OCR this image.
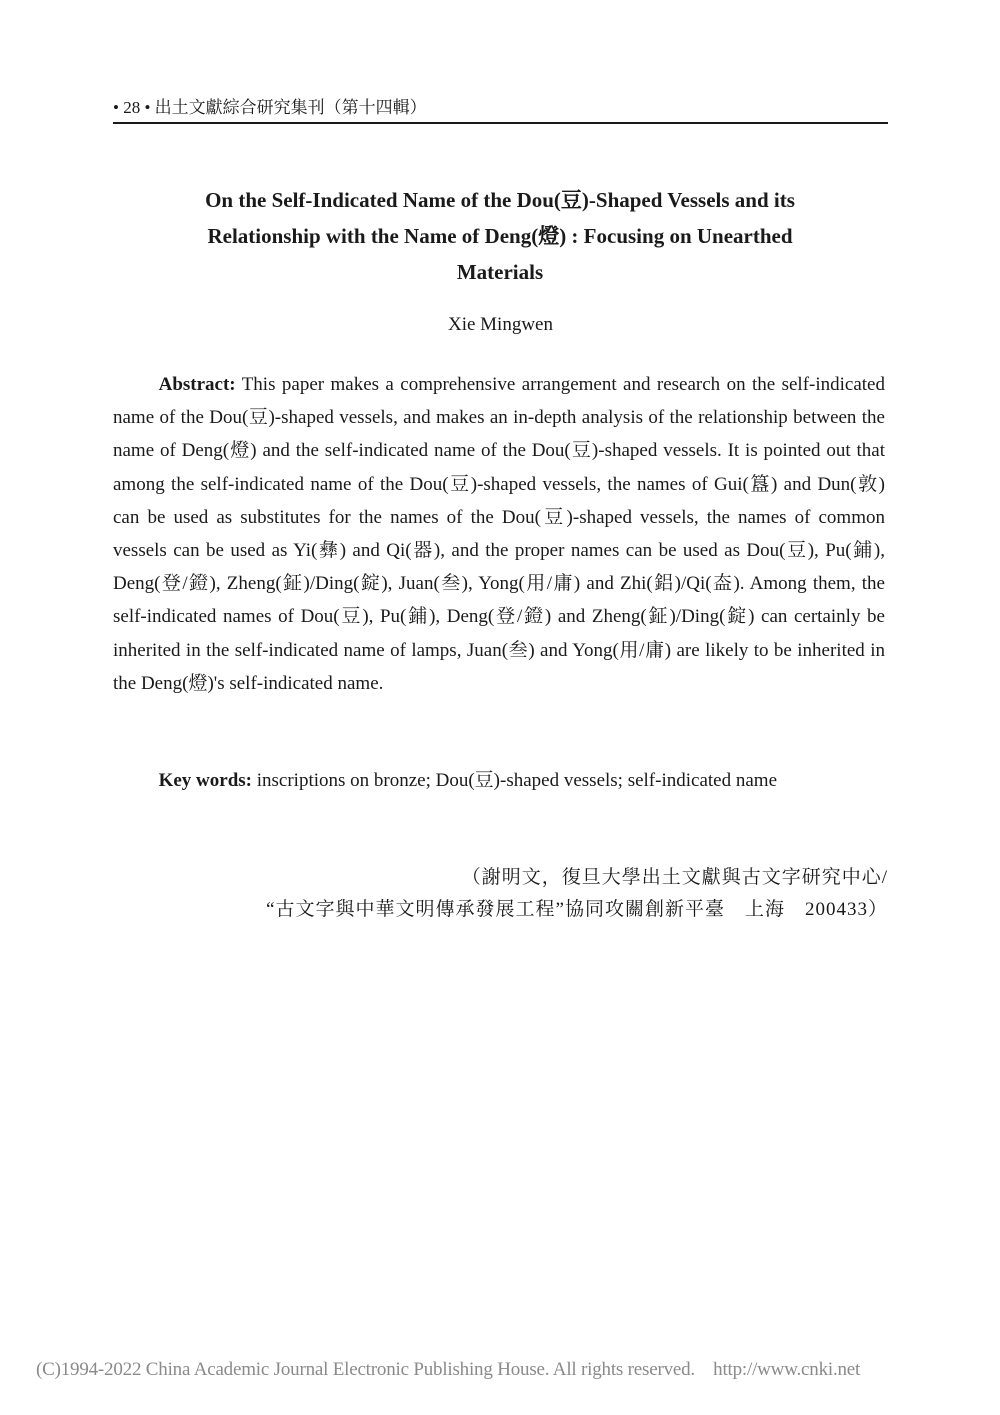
• 28 • 出土文獻綜合研究集刊（第十四輯）
On the Self-Indicated Name of the Dou(豆)-Shaped Vessels and its
Relationship with the Name of Deng(燈) : Focusing on Unearthed
Materials
Xie Mingwen

Abstract: This paper makes a comprehensive arrangement and research on the self-indicated name of the Dou(豆)-shaped vessels, and makes an in-depth analysis of the relationship between the name of Deng(燈) and the self-indicated name of the Dou(豆)-shaped vessels. It is pointed out that among the self-indicated name of the Dou(豆)-shaped vessels, the names of Gui(簋) and Dun(敦) can be used as substitutes for the names of the Dou(豆)-shaped vessels, the names of common vessels can be used as Yi(彝) and Qi(器), and the proper names can be used as Dou(豆), Pu(鋪), Deng(登/鐙), Zheng(鉦)/Ding(錠), Juan(叁), Yong(用/庸) and Zhi(鋁)/Qi(盇). Among them, the self-indicated names of Dou(豆), Pu(鋪), Deng(登/鐙) and Zheng(鉦)/Ding(錠) can certainly be inherited in the self-indicated name of lamps, Juan(叁) and Yong(用/庸) are likely to be inherited in the Deng(燈)'s self-indicated name.

Key words: inscriptions on bronze; Dou(豆)-shaped vessels; self-indicated name

（謝明文，復旦大學出土文獻與古文字研究中心/
“古文字與中華文明傳承發展工程”協同攻關創新平臺　上海　200433）
(C)1994-2022 China Academic Journal Electronic Publishing House. All rights reserved.    http://www.cnki.net
